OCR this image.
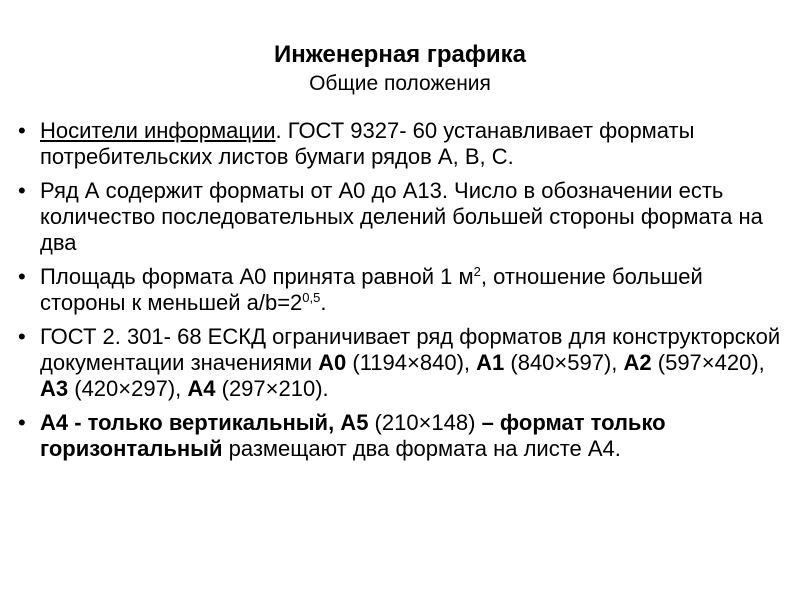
Инженерная графика
Общие положения
• Носители информации. ГОСТ 9327- 60 устанавливает форматы потребительских листов бумаги рядов А, В, С.
• Ряд А содержит форматы от А0 до А13. Число в обозначении есть количество последовательных делений большей стороны формата на два
• Площадь формата А0 принята равной 1 $м^2$, отношение большей стороны к меньшей $a/b=2^{0,5}$.
• ГОСТ 2. 301- 68 ЕСКД ограничивает ряд форматов для конструкторской документации значениями А0 (1194×840), А1 (840×597), А2 (597×420), А3 (420×297), А4 (297×210).
• А4 - только вертикальный, А5 (210×148) – формат только горизонтальный размещают два формата на листе А4.
